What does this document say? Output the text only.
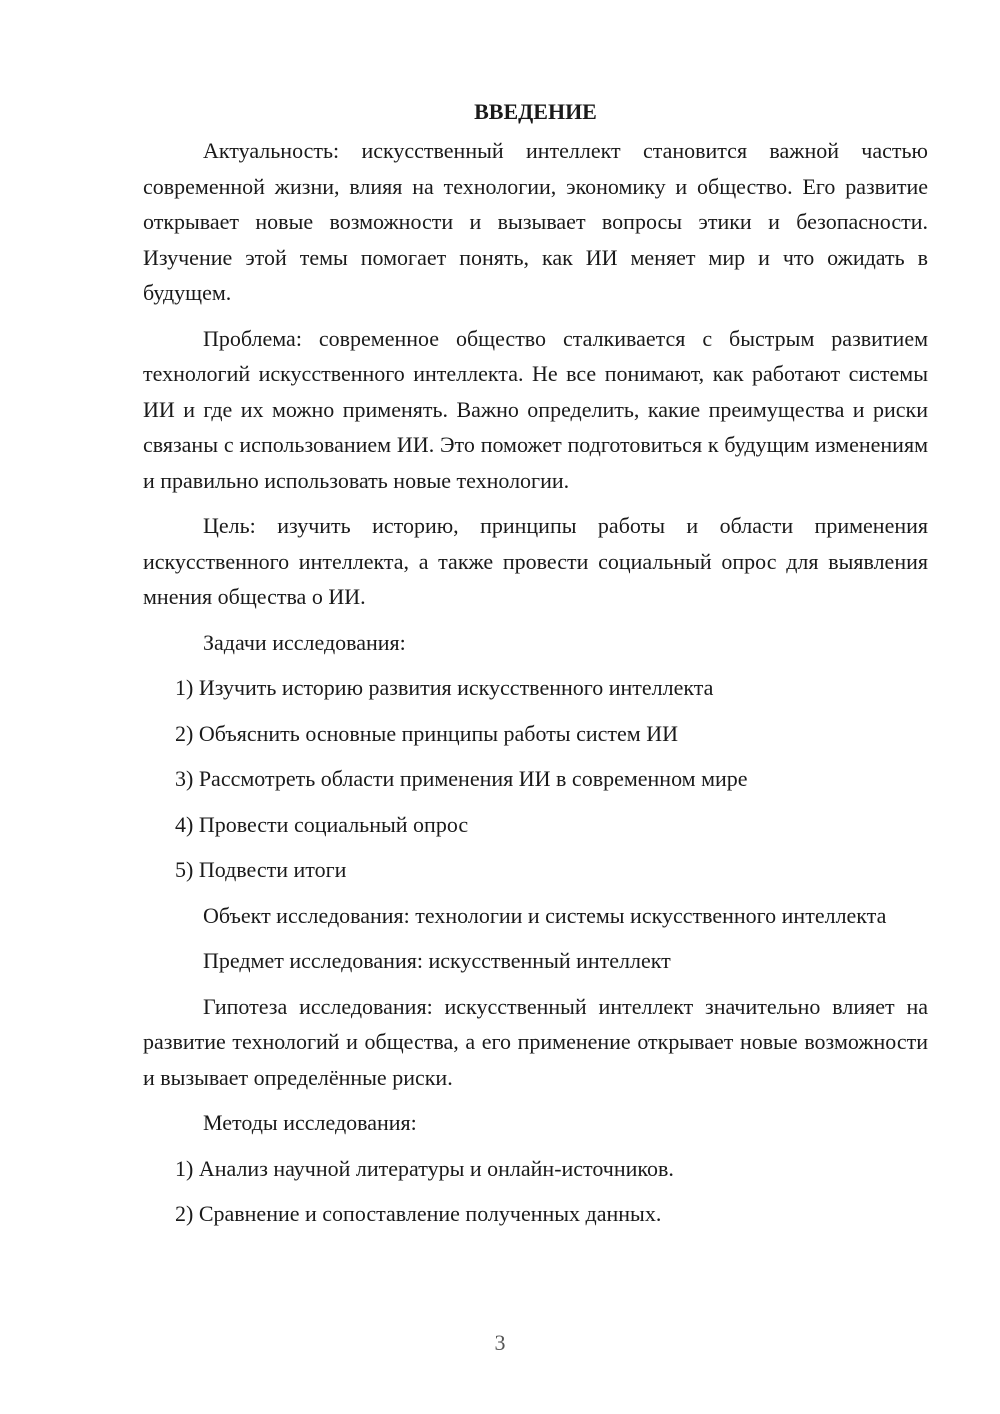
ВВЕДЕНИЕ

Актуальность: искусственный интеллект становится важной частью современной жизни, влияя на технологии, экономику и общество. Его развитие открывает новые возможности и вызывает вопросы этики и безопасности. Изучение этой темы помогает понять, как ИИ меняет мир и что ожидать в будущем.

Проблема: современное общество сталкивается с быстрым развитием технологий искусственного интеллекта. Не все понимают, как работают системы ИИ и где их можно применять. Важно определить, какие преимущества и риски связаны с использованием ИИ. Это поможет подготовиться к будущим изменениям и правильно использовать новые технологии.

Цель: изучить историю, принципы работы и области применения искусственного интеллекта, а также провести социальный опрос для выявления мнения общества о ИИ.

Задачи исследования:

1) Изучить историю развития искусственного интеллекта
2) Объяснить основные принципы работы систем ИИ
3) Рассмотреть области применения ИИ в современном мире
4) Провести социальный опрос
5) Подвести итоги

Объект исследования: технологии и системы искусственного интеллекта

Предмет исследования: искусственный интеллект

Гипотеза исследования: искусственный интеллект значительно влияет на развитие технологий и общества, а его применение открывает новые возможности и вызывает определённые риски.

Методы исследования:

1) Анализ научной литературы и онлайн-источников.
2) Сравнение и сопоставление полученных данных.
3
